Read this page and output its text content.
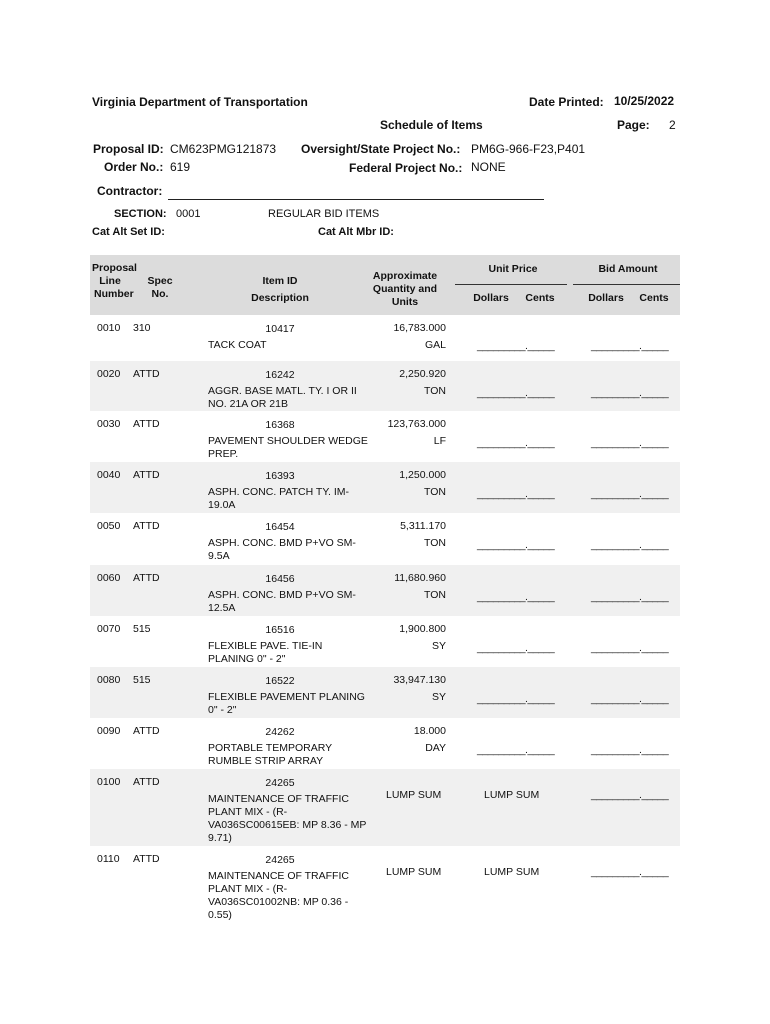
Virginia Department of Transportation	Date Printed: 10/25/2022
Schedule of Items	Page: 2
Proposal ID: CM623PMG121873
Order No.: 619
Oversight/State Project No.: PM6G-966-F23,P401
Federal Project No.: NONE
Contractor:
SECTION: 0001	REGULAR BID ITEMS
Cat Alt Set ID:	Cat Alt Mbr ID:
Proposal
Line
Number
Spec
No.
Item ID
Description
Approximate
Quantity and
Units
Unit Price	Bid Amount
Dollars	Cents	Dollars	Cents
0010 310	10417
TACK COAT
16,783.000
GAL	_________._____	_________._____
0020 ATTD	16242
AGGR. BASE MATL. TY. I OR II NO. 21A OR 21B
2,250.920
TON	_________._____	_________._____
0030 ATTD	16368
PAVEMENT SHOULDER WEDGE PREP.
123,763.000
LF	_________._____	_________._____
0040 ATTD	16393
ASPH. CONC. PATCH TY. IM-19.0A
1,250.000
TON	_________._____	_________._____
0050 ATTD	16454
ASPH. CONC. BMD P+VO SM-9.5A
5,311.170
TON	_________._____	_________._____
0060 ATTD	16456
ASPH. CONC. BMD P+VO SM-12.5A
11,680.960
TON	_________._____	_________._____
0070 515	16516
FLEXIBLE PAVE. TIE-IN PLANING 0" - 2"
1,900.800
SY	_________._____	_________._____
0080 515	16522
FLEXIBLE PAVEMENT PLANING 0" - 2"
33,947.130
SY	_________._____	_________._____
0090 ATTD	24262
PORTABLE TEMPORARY RUMBLE STRIP ARRAY
18.000
DAY	_________._____	_________._____
0100 ATTD	24265
MAINTENANCE OF TRAFFIC PLANT MIX - (R-VA036SC00615EB: MP 8.36 - MP 9.71)
LUMP SUM	LUMP SUM	_________._____
0110 ATTD	24265
MAINTENANCE OF TRAFFIC PLANT MIX - (R-VA036SC01002NB: MP 0.36 - 0.55)
LUMP SUM	LUMP SUM	_________._____
